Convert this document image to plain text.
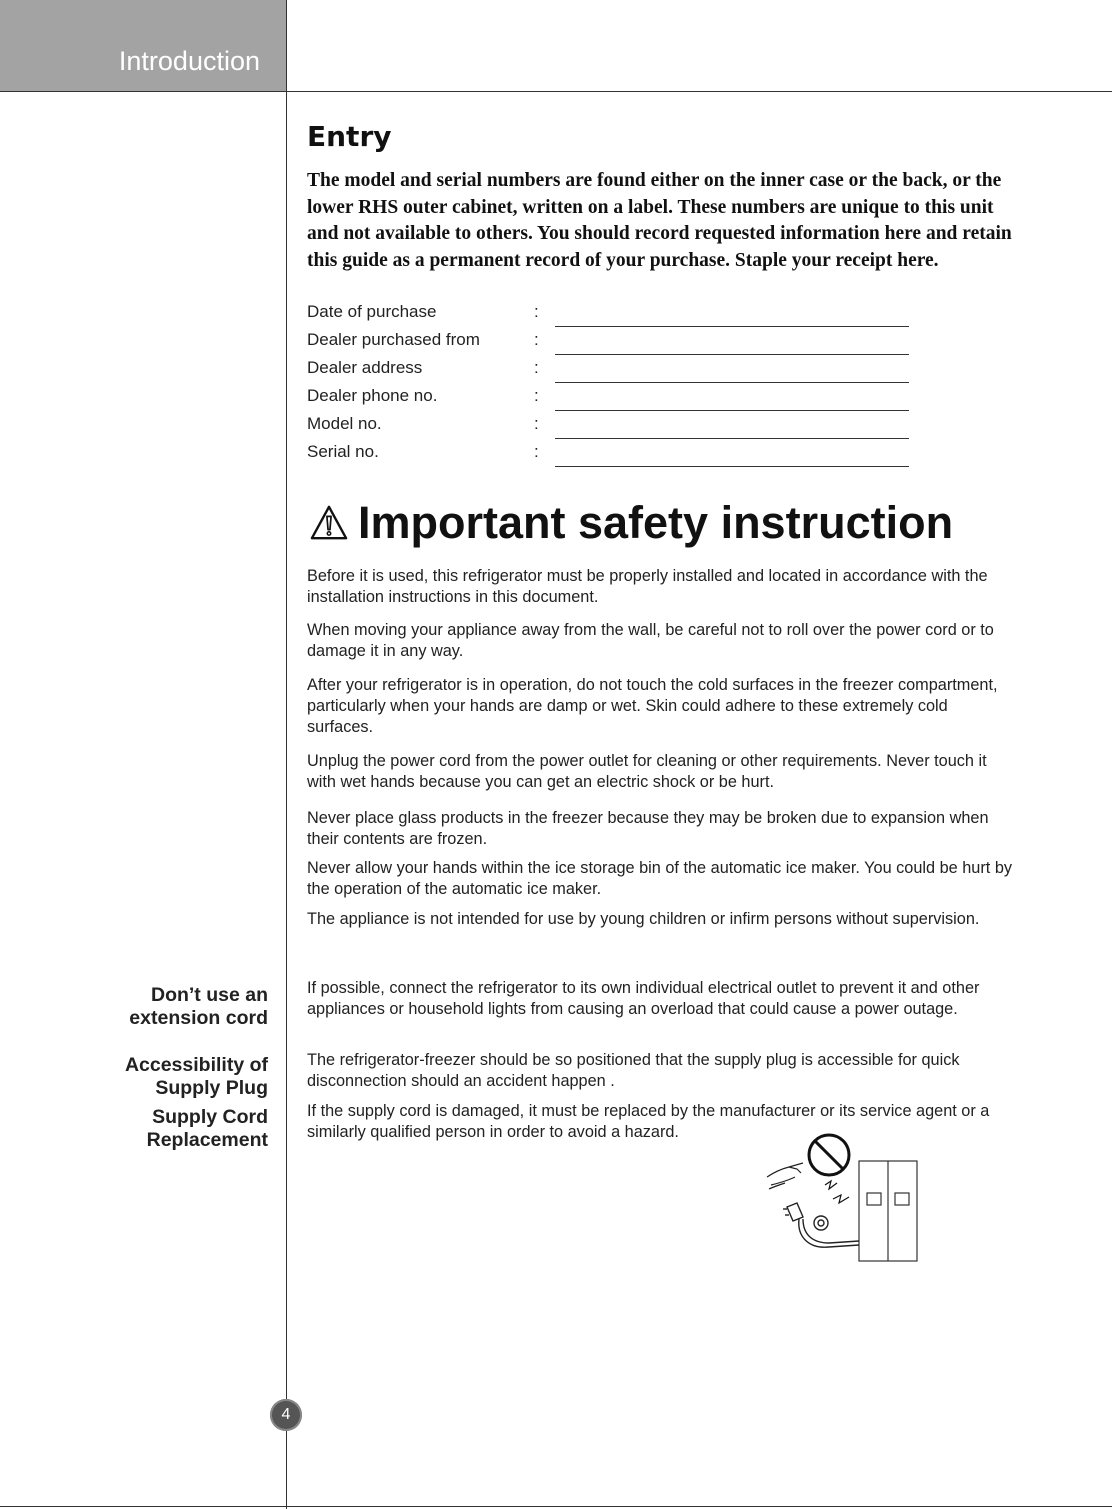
Introduction
Entry
The model and serial numbers are found either on the inner case or the back, or the lower RHS outer cabinet, written on a label. These numbers are unique to this unit and not available to others. You should record requested information here and retain this guide as a permanent record of your purchase. Staple your receipt here.
Date of purchase	:
Dealer purchased from	:
Dealer address	:
Dealer phone no.	:
Model no.	:
Serial no.	:
Important safety instruction
Before it is used, this refrigerator must be properly installed and located in accordance with the installation instructions in this document.
When moving your appliance away from the wall, be careful not to roll over the power cord or to damage it in any way.
After your refrigerator is in operation, do not touch the cold surfaces in the freezer compartment, particularly when your hands are damp or wet. Skin could adhere to these extremely cold surfaces.
Unplug the power cord from the power outlet for cleaning or other requirements. Never touch it with wet hands because you can get an electric shock or be hurt.
Never place glass products in the freezer because they may be broken due to expansion when their contents are frozen.
Never allow your hands within the ice storage bin of the automatic ice maker. You could be hurt by the operation of the automatic ice maker.
The appliance is not intended for use by young children or infirm persons without supervision.
If possible, connect the refrigerator to its own individual electrical outlet to prevent it and other appliances or household lights from causing an overload that could cause a power outage.
The refrigerator-freezer should be so positioned that the supply plug is accessible for quick disconnection should an accident happen .
If the supply cord is damaged, it must be replaced by the manufacturer or its service agent or a similarly qualified person in order to avoid a hazard.
Don’t use an
extension cord
Accessibility of
Supply Plug
Supply Cord
Replacement
4
